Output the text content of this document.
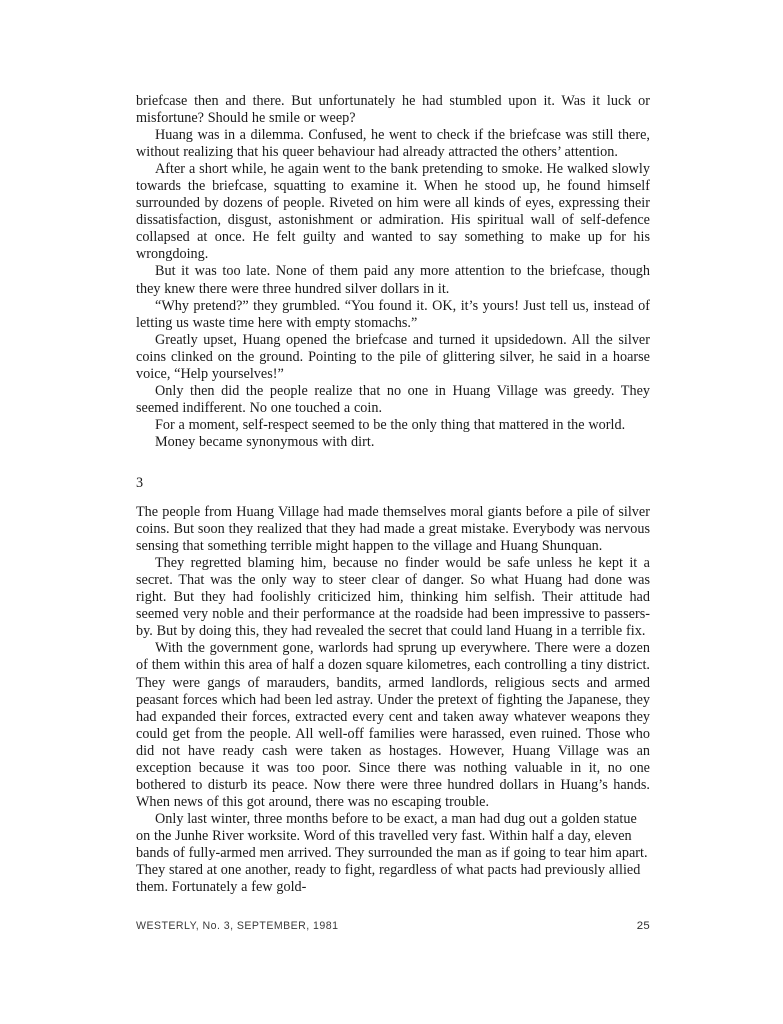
briefcase then and there. But unfortunately he had stumbled upon it. Was it luck or misfortune? Should he smile or weep?

Huang was in a dilemma. Confused, he went to check if the briefcase was still there, without realizing that his queer behaviour had already attracted the others’ attention.

After a short while, he again went to the bank pretending to smoke. He walked slowly towards the briefcase, squatting to examine it. When he stood up, he found himself surrounded by dozens of people. Riveted on him were all kinds of eyes, expressing their dissatisfaction, disgust, astonishment or admiration. His spiritual wall of self-defence collapsed at once. He felt guilty and wanted to say something to make up for his wrongdoing.

But it was too late. None of them paid any more attention to the briefcase, though they knew there were three hundred silver dollars in it.

“Why pretend?” they grumbled. “You found it. OK, it’s yours! Just tell us, instead of letting us waste time here with empty stomachs.”

Greatly upset, Huang opened the briefcase and turned it upsidedown. All the silver coins clinked on the ground. Pointing to the pile of glittering silver, he said in a hoarse voice, “Help yourselves!”

Only then did the people realize that no one in Huang Village was greedy. They seemed indifferent. No one touched a coin.

For a moment, self-respect seemed to be the only thing that mattered in the world.

Money became synonymous with dirt.

3

The people from Huang Village had made themselves moral giants before a pile of silver coins. But soon they realized that they had made a great mistake. Everybody was nervous sensing that something terrible might happen to the village and Huang Shunquan.

They regretted blaming him, because no finder would be safe unless he kept it a secret. That was the only way to steer clear of danger. So what Huang had done was right. But they had foolishly criticized him, thinking him selfish. Their attitude had seemed very noble and their performance at the roadside had been impressive to passers-by. But by doing this, they had revealed the secret that could land Huang in a terrible fix.

With the government gone, warlords had sprung up everywhere. There were a dozen of them within this area of half a dozen square kilometres, each controlling a tiny district. They were gangs of marauders, bandits, armed landlords, religious sects and armed peasant forces which had been led astray. Under the pretext of fighting the Japanese, they had expanded their forces, extracted every cent and taken away whatever weapons they could get from the people. All well-off families were harassed, even ruined. Those who did not have ready cash were taken as hostages. However, Huang Village was an exception because it was too poor. Since there was nothing valuable in it, no one bothered to disturb its peace. Now there were three hundred dollars in Huang’s hands. When news of this got around, there was no escaping trouble.

Only last winter, three months before to be exact, a man had dug out a golden statue on the Junhe River worksite. Word of this travelled very fast. Within half a day, eleven bands of fully-armed men arrived. They surrounded the man as if going to tear him apart. They stared at one another, ready to fight, regardless of what pacts had previously allied them. Fortunately a few gold-

WESTERLY, No. 3, SEPTEMBER, 1981	25
